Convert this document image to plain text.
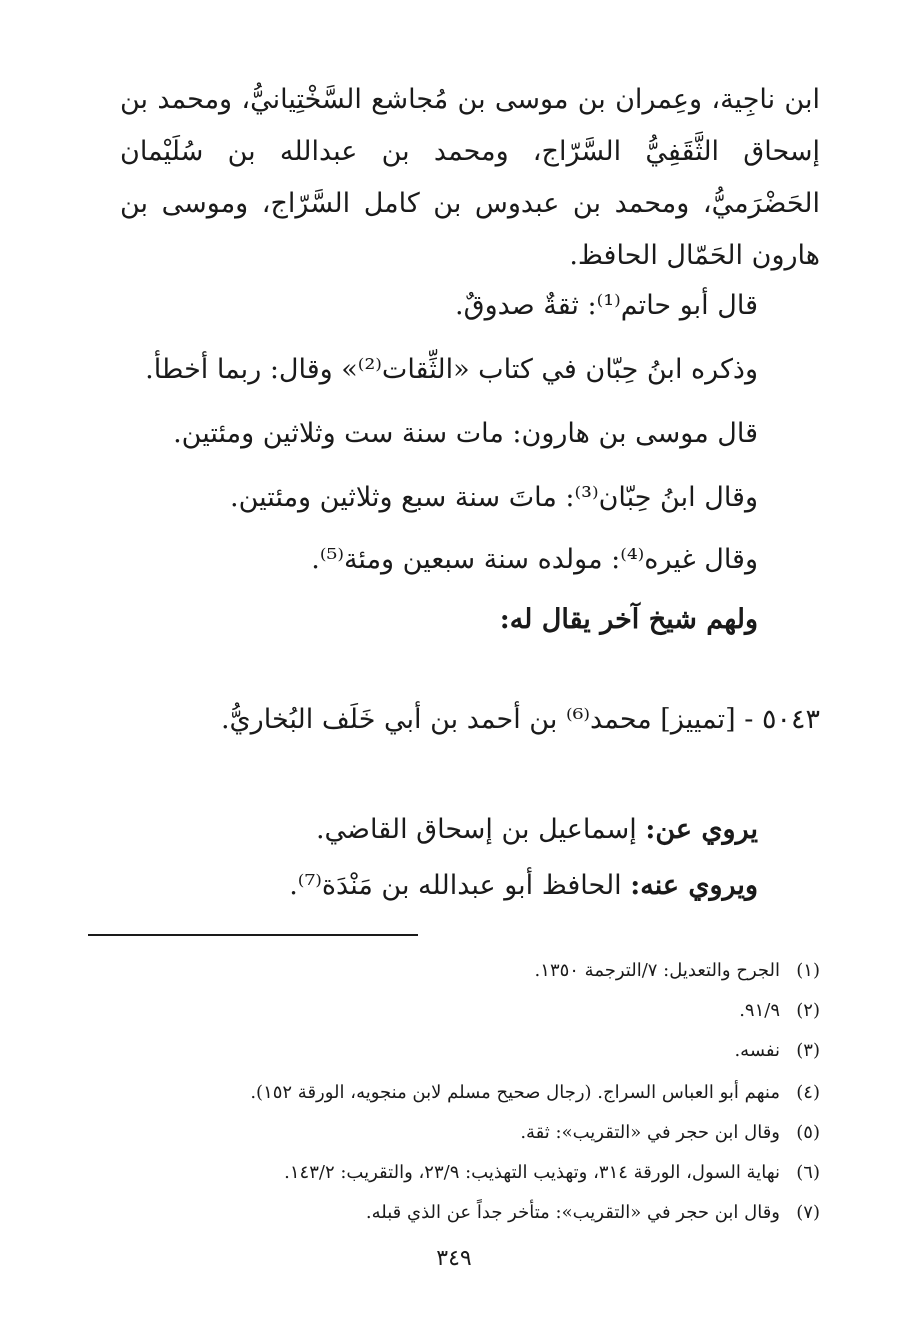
ابن ناجِية، وعِمران بن موسى بن مُجاشع السَّخْتِيانيُّ، ومحمد بن إسحاق الثَّقَفِيُّ السَّرّاج، ومحمد بن عبدالله بن سُلَيْمان الحَضْرَميُّ، ومحمد بن عبدوس بن كامل السَّرّاج، وموسى بن هارون الحَمّال الحافظ.
قال أبو حاتم⁽¹⁾: ثقةٌ صدوقٌ.
وذكره ابنُ حِبّان في كتاب «الثِّقات⁽²⁾» وقال: ربما أخطأ.
قال موسى بن هارون: مات سنة ست وثلاثين ومئتين.
وقال ابنُ حِبّان⁽³⁾: ماتَ سنة سبع وثلاثين ومئتين.
وقال غيره⁽⁴⁾: مولده سنة سبعين ومئة⁽⁵⁾.
ولهم شيخ آخر يقال له:
٥٠٤٣ - [تمييز] محمد⁽⁶⁾ بن أحمد بن أبي خَلَف البُخاريُّ.
يروي عن: إسماعيل بن إسحاق القاضي.
ويروي عنه: الحافظ أبو عبدالله بن مَنْدَة⁽⁷⁾.
(١)الجرح والتعديل: ٧/الترجمة ١٣٥٠.
(٢)٩١/٩.
(٣)نفسه.
(٤)منهم أبو العباس السراج. (رجال صحيح مسلم لابن منجويه، الورقة ١٥٢).
(٥)وقال ابن حجر في «التقريب»: ثقة.
(٦)نهاية السول، الورقة ٣١٤، وتهذيب التهذيب: ٢٣/٩، والتقريب: ١٤٣/٢.
(٧)وقال ابن حجر في «التقريب»: متأخر جداً عن الذي قبله.
٣٤٩
